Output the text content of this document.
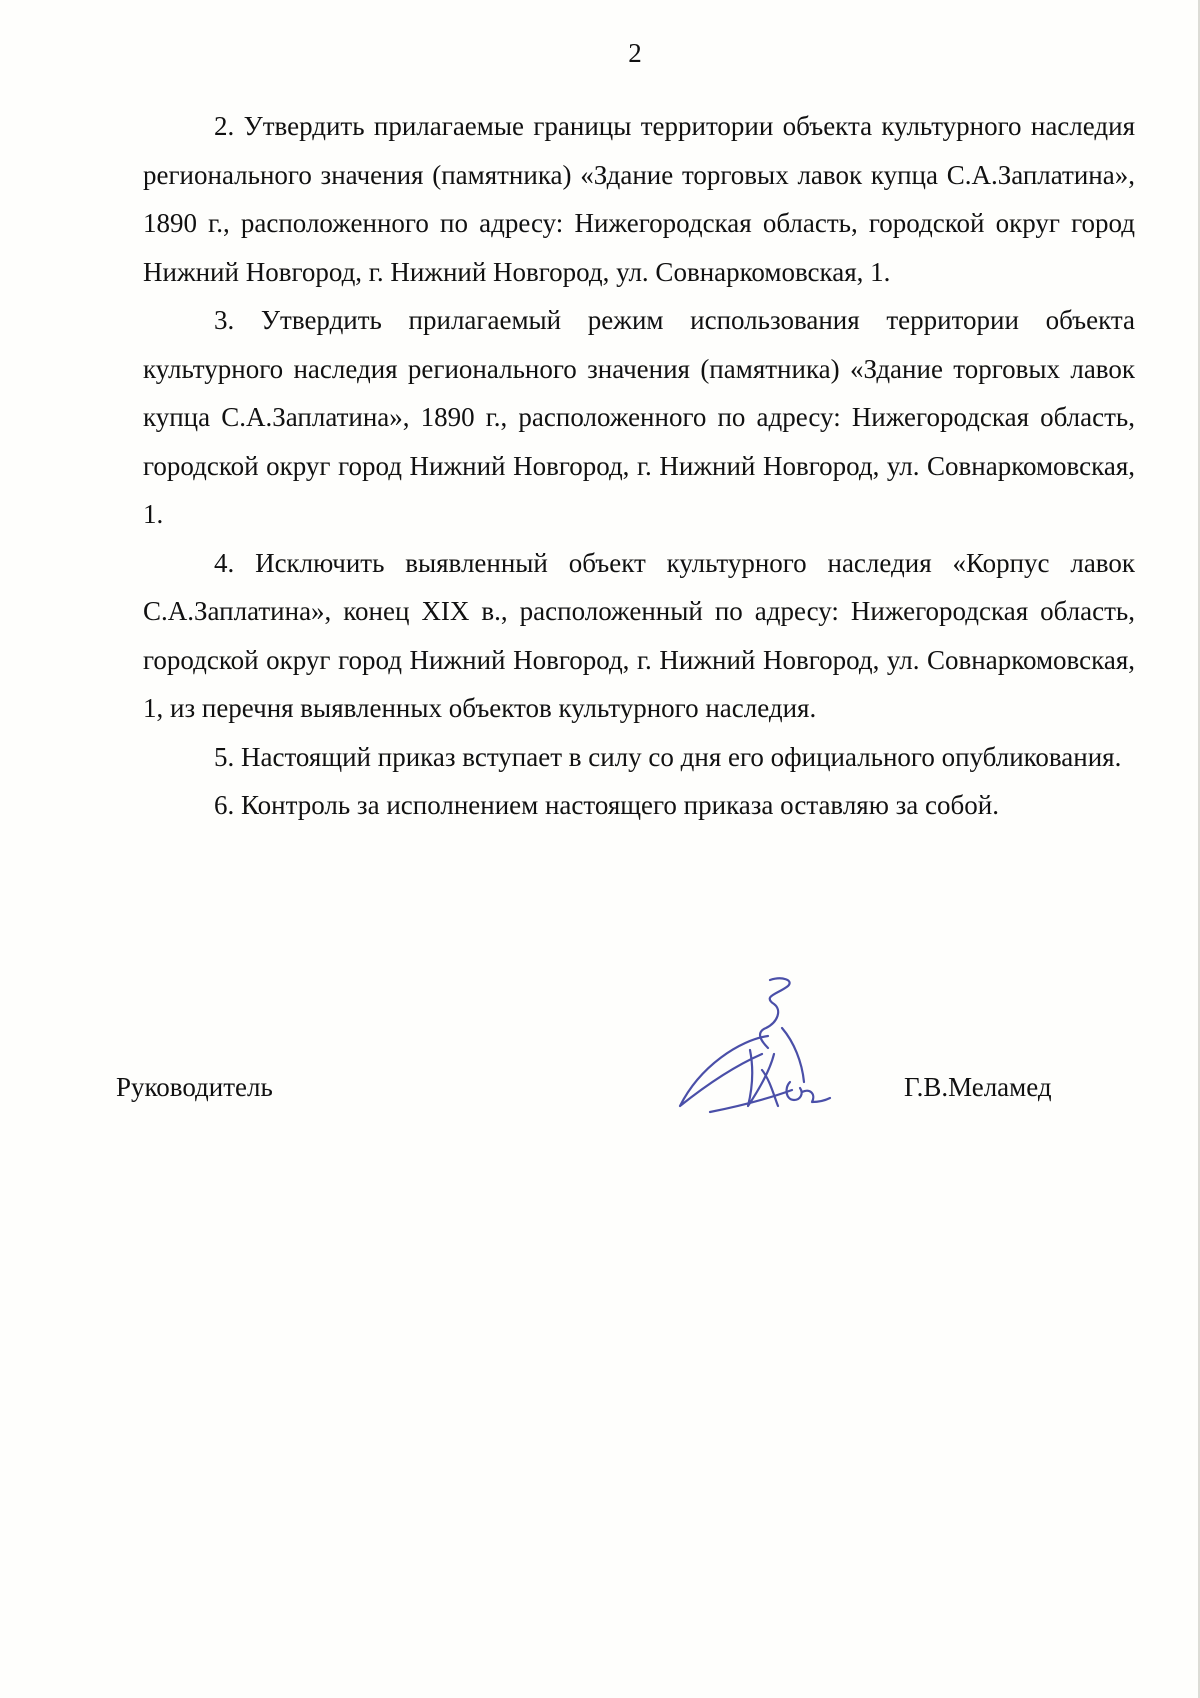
2

2. Утвердить прилагаемые границы территории объекта культурного наследия регионального значения (памятника) «Здание торговых лавок купца С.А.Заплатина», 1890 г., расположенного по адресу: Нижегородская область, городской округ город Нижний Новгород, г. Нижний Новгород, ул. Совнаркомовская, 1.

3. Утвердить прилагаемый режим использования территории объекта культурного наследия регионального значения (памятника) «Здание торговых лавок купца С.А.Заплатина», 1890 г., расположенного по адресу: Нижегородская область, городской округ город Нижний Новгород, г. Нижний Новгород, ул. Совнаркомовская, 1.

4. Исключить выявленный объект культурного наследия «Корпус лавок С.А.Заплатина», конец XIX в., расположенный по адресу: Нижегородская область, городской округ город Нижний Новгород, г. Нижний Новгород, ул. Совнаркомовская, 1, из перечня выявленных объектов культурного наследия.

5. Настоящий приказ вступает в силу со дня его официального опубликования.

6. Контроль за исполнением настоящего приказа оставляю за собой.

Руководитель	Г.В.Меламед
